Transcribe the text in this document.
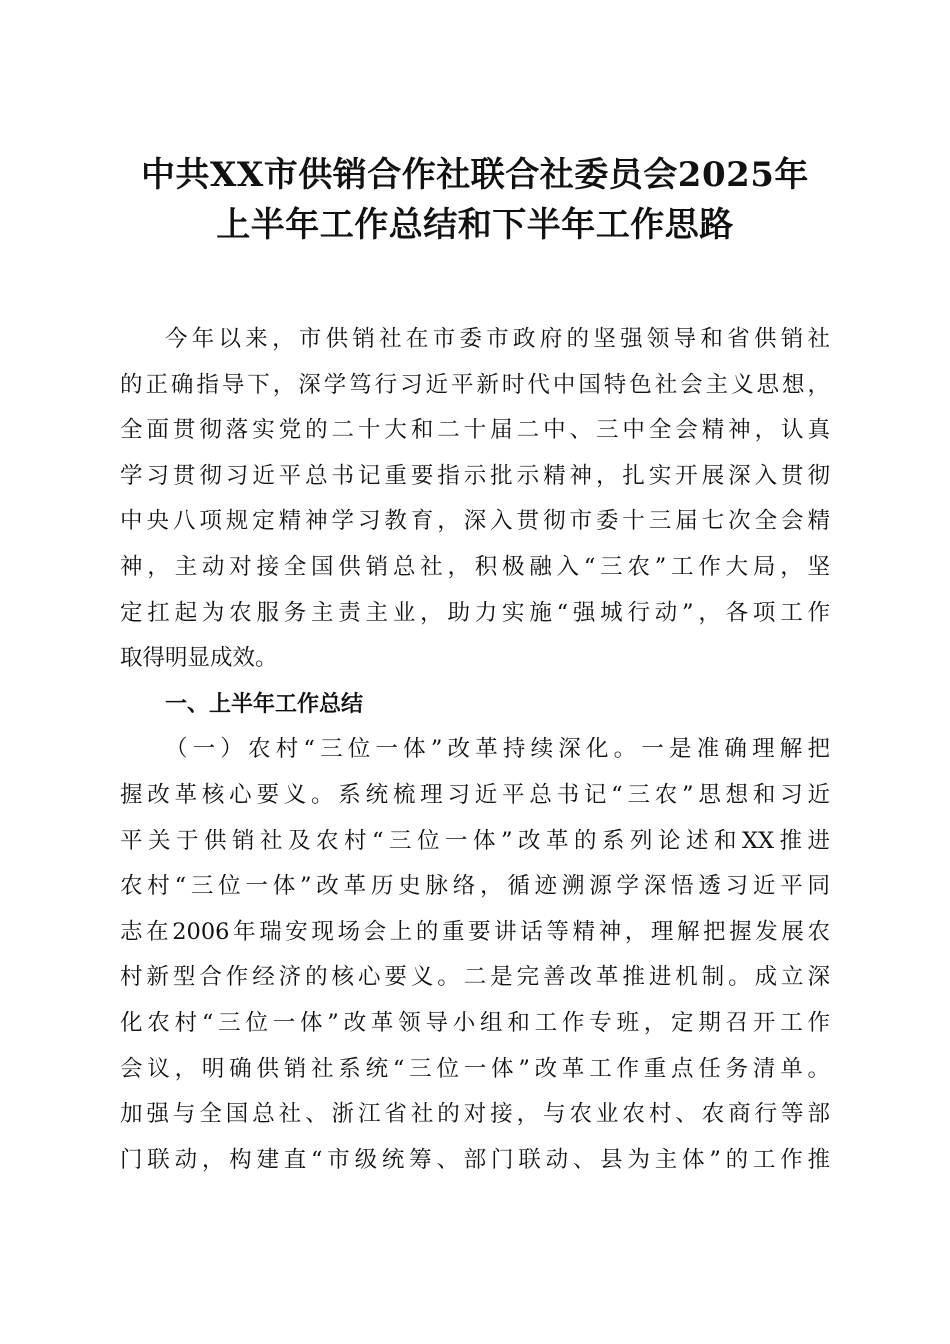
中共XX市供销合作社联合社委员会2025年
上半年工作总结和下半年工作思路
今年以来，市供销社在市委市政府的坚强领导和省供销社
的正确指导下，深学笃行习近平新时代中国特色社会主义思想，
全面贯彻落实党的二十大和二十届二中、三中全会精神，认真
学习贯彻习近平总书记重要指示批示精神，扎实开展深入贯彻
中央八项规定精神学习教育，深入贯彻市委十三届七次全会精
神，主动对接全国供销总社，积极融入“三农”工作大局，坚
定扛起为农服务主责主业，助力实施“强城行动”，各项工作
取得明显成效。
一、上半年工作总结
（一）农村“三位一体”改革持续深化。一是准确理解把
握改革核心要义。系统梳理习近平总书记“三农”思想和习近
平关于供销社及农村“三位一体”改革的系列论述和XX推进
农村“三位一体”改革历史脉络，循迹溯源学深悟透习近平同
志在2006年瑞安现场会上的重要讲话等精神，理解把握发展农
村新型合作经济的核心要义。二是完善改革推进机制。成立深
化农村“三位一体”改革领导小组和工作专班，定期召开工作
会议，明确供销社系统“三位一体”改革工作重点任务清单。
加强与全国总社、浙江省社的对接，与农业农村、农商行等部
门联动，构建直“市级统筹、部门联动、县为主体”的工作推
